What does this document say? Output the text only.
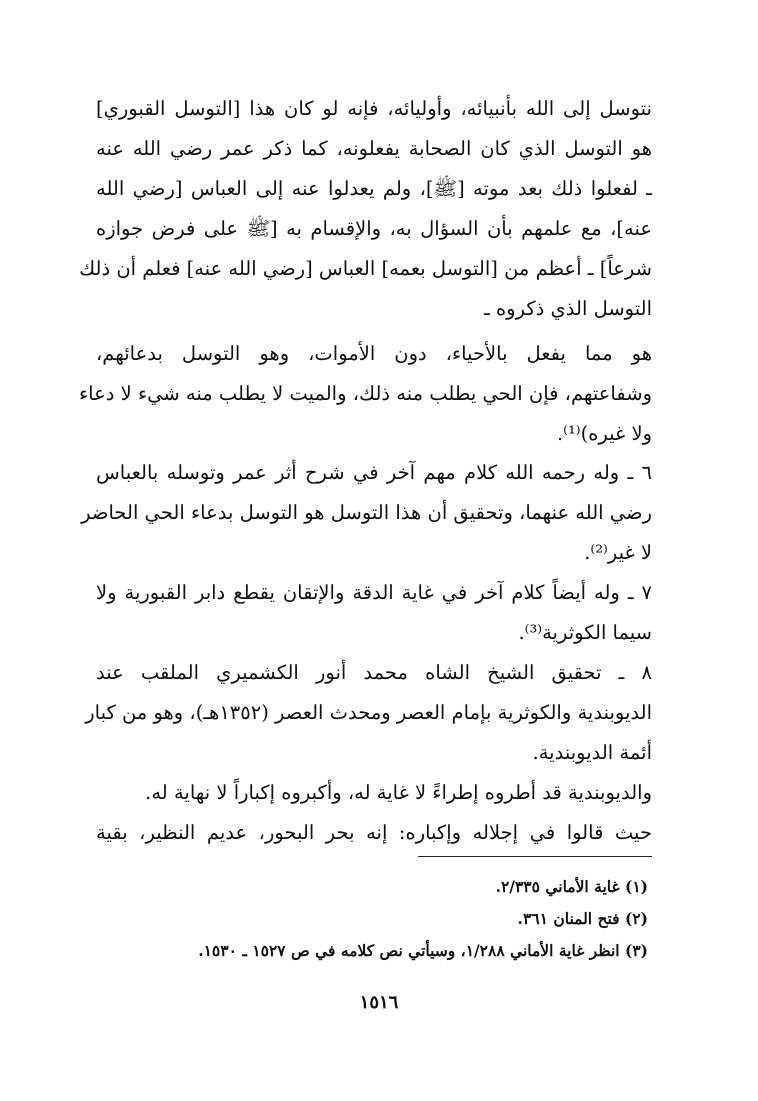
نتوسل إلى الله بأنبيائه، وأوليائه، فإنه لو كان هذا [التوسل القبوري]
هو التوسل الذي كان الصحابة يفعلونه، كما ذكر عمر رضي الله عنه
ـ لفعلوا ذلك بعد موته [ﷺ]، ولم يعدلوا عنه إلى العباس [رضي الله
عنه]، مع علمهم بأن السؤال به، والإقسام به [ﷺ على فرض جوازه
شرعاً] ـ أعظم من [التوسل بعمه] العباس [رضي الله عنه] فعلم أن ذلك
التوسل الذي ذكروه ـ
هو مما يفعل بالأحياء، دون الأموات، وهو التوسل بدعائهم،
وشفاعتهم، فإن الحي يطلب منه ذلك، والميت لا يطلب منه شيء لا دعاء
ولا غيره)⁽¹⁾.
٦ ـ وله رحمه الله كلام مهم آخر في شرح أثر عمر وتوسله بالعباس
رضي الله عنهما، وتحقيق أن هذا التوسل هو التوسل بدعاء الحي الحاضر
لا غير⁽²⁾.
٧ ـ وله أيضاً كلام آخر في غاية الدقة والإتقان يقطع دابر القبورية ولا
سيما الكوثرية⁽³⁾.
٨ ـ تحقيق الشيخ الشاه محمد أنور الكشميري الملقب عند
الديوبندية والكوثرية بإمام العصر ومحدث العصر (١٣٥٢هـ)، وهو من كبار
أئمة الديوبندية.
والديوبندية قد أطروه إطراءً لا غاية له، وأكبروه إكباراً لا نهاية له.
حيث قالوا في إجلاله وإكباره: إنه بحر البحور، عديم النظير، بقية
(١) غاية الأماني ٢/٣٣٥.
(٢) فتح المنان ٣٦١.
(٣) انظر غاية الأماني ١/٢٨٨، وسيأتي نص كلامه في ص ١٥٢٧ ـ ١٥٣٠.
١٥١٦
